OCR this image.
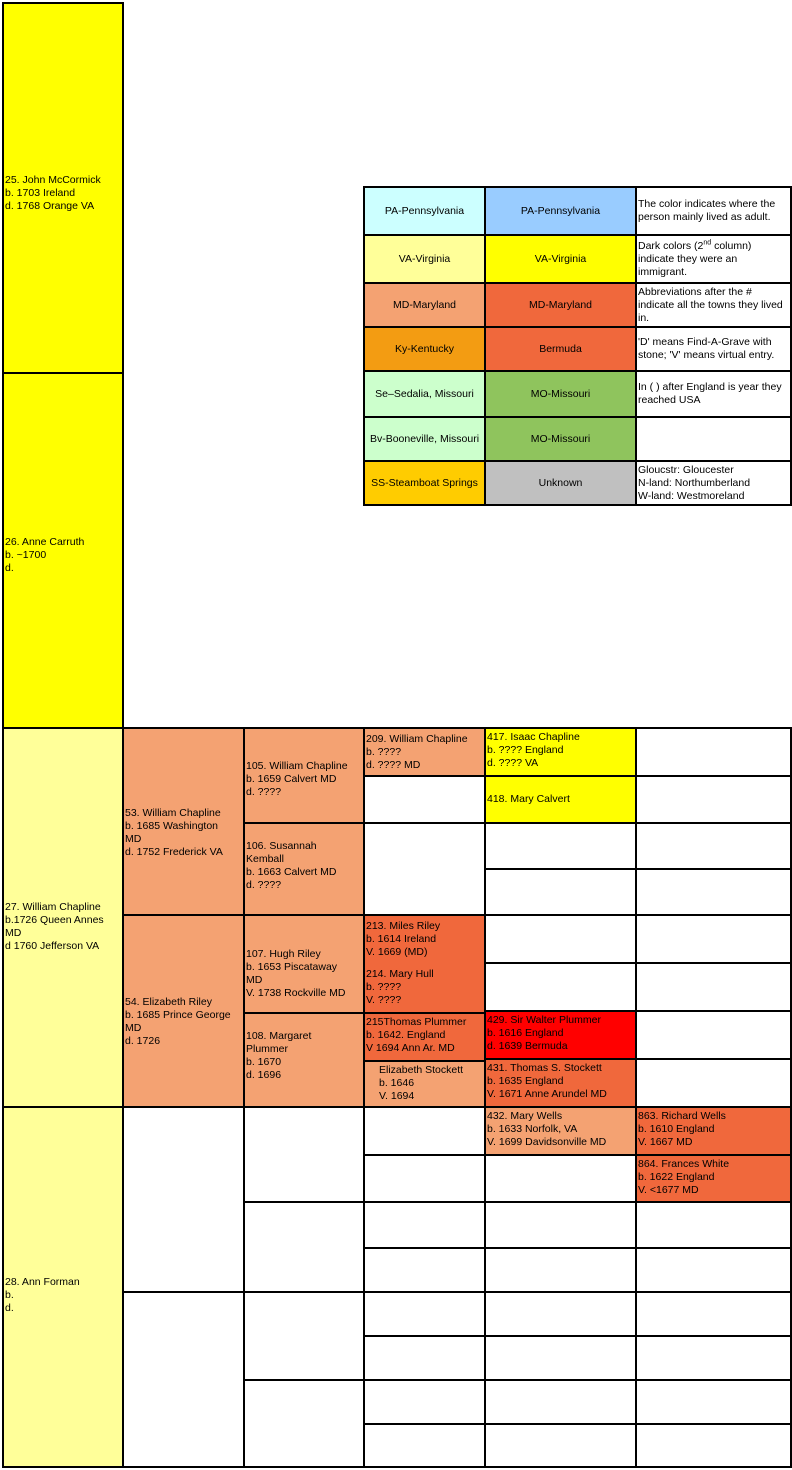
25. John McCormick
b. 1703 Ireland
d. 1768 Orange VA
26. Anne Carruth
b. ~1700
d.
27. William Chapline
b.1726 Queen Annes
MD
d 1760 Jefferson VA
28. Ann Forman
b.
d.
53. William Chapline
b. 1685 Washington
MD
d. 1752 Frederick VA
54. Elizabeth Riley
b. 1685 Prince George
MD
d. 1726
105. William Chapline
b. 1659 Calvert MD
d. ????
106. Susannah
Kemball
b. 1663 Calvert MD
d. ????
107. Hugh Riley
b. 1653 Piscataway
MD
V. 1738 Rockville MD
108. Margaret
Plummer
b. 1670
d. 1696
209. William Chapline
b. ????
d. ???? MD
213. Miles Riley
b. 1614 Ireland
V. 1669 (MD)
214. Mary Hull
b. ????
V. ????
215Thomas Plummer
b. 1642. England
V 1694 Ann Ar. MD
Elizabeth Stockett
b. 1646
V. 1694
417. Isaac Chapline
b. ???? England
d. ???? VA
418. Mary Calvert
429. Sir Walter Plummer
b. 1616 England
d. 1639 Bermuda
431. Thomas S. Stockett
b. 1635 England
V. 1671 Anne Arundel MD
432. Mary Wells
b. 1633 Norfolk, VA
V. 1699 Davidsonville MD
863. Richard Wells
b. 1610 England
V. 1667 MD
864. Frances White
b. 1622 England
V. <1677 MD
PA-Pennsylvania	PA-Pennsylvania
The color indicates where the person mainly lived as adult.
VA-Virginia	VA-Virginia
Dark colors (2nd column) indicate they were an immigrant.
MD-Maryland	MD-Maryland
Abbreviations after the # indicate all the towns they lived in.
Ky-Kentucky	Bermuda
'D' means Find-A-Grave with stone; 'V' means virtual entry.
Se–Sedalia, Missouri	MO-Missouri
In ( ) after England is year they reached USA
Bv-Booneville, Missouri	MO-Missouri
SS-Steamboat Springs	Unknown
Gloucstr: Gloucester
N-land: Northumberland
W-land: Westmoreland
